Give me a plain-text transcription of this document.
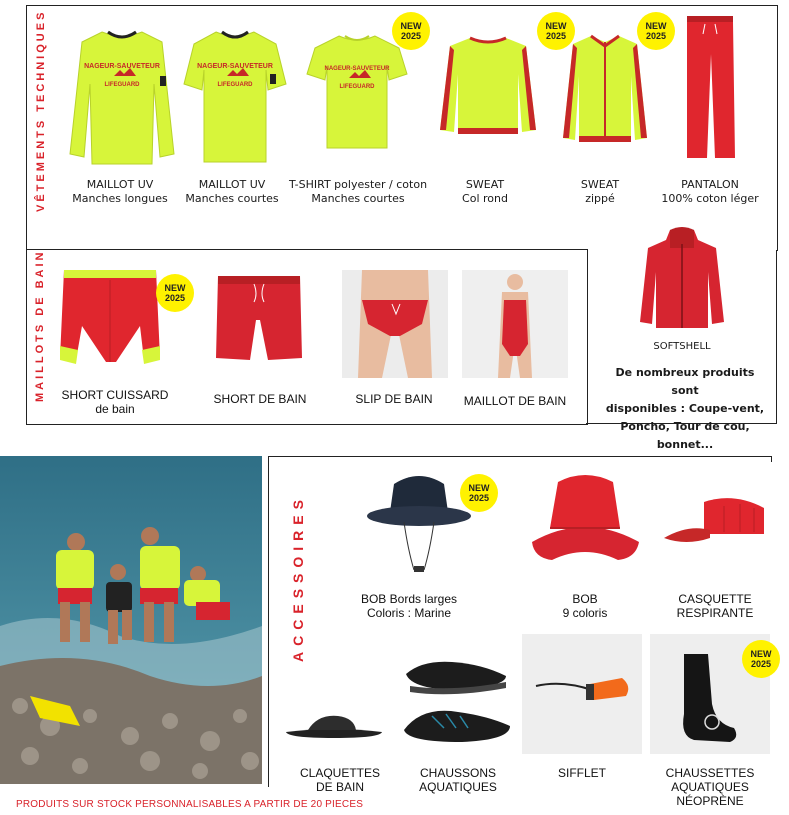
VÊTEMENTS TECHNIQUES
MAILLOTS DE BAIN
NAGEUR-SAUVETEUR
LIFEGUARD
MAILLOT UV
Manches longues
NAGEUR-SAUVETEUR
LIFEGUARD
MAILLOT UV
Manches courtes
NAGEUR-SAUVETEUR
LIFEGUARD
NEW
2025
T-SHIRT polyester / coton
Manches courtes
SWEAT
Col rond
NEW
2025
SWEAT
zippé
NEW
2025
PANTALON
100% coton léger
SOFTSHELL
De nombreux produits sont
disponibles : Coupe-vent,
Poncho, Tour de cou, bonnet...
NEW
2025
SHORT CUISSARD
de bain
SHORT DE BAIN	SLIP DE BAIN	MAILLOT DE BAIN
ACCESSOIRES
NEW
2025
BOB Bords larges
Coloris : Marine
BOB
9 coloris
CASQUETTE
RESPIRANTE
CLAQUETTES
DE BAIN
CHAUSSONS
AQUATIQUES
SIFFLET
NEW
2025
CHAUSSETTES
AQUATIQUES
NÉOPRÈNE
PRODUITS SUR STOCK PERSONNALISABLES A PARTIR DE 20 PIECES
